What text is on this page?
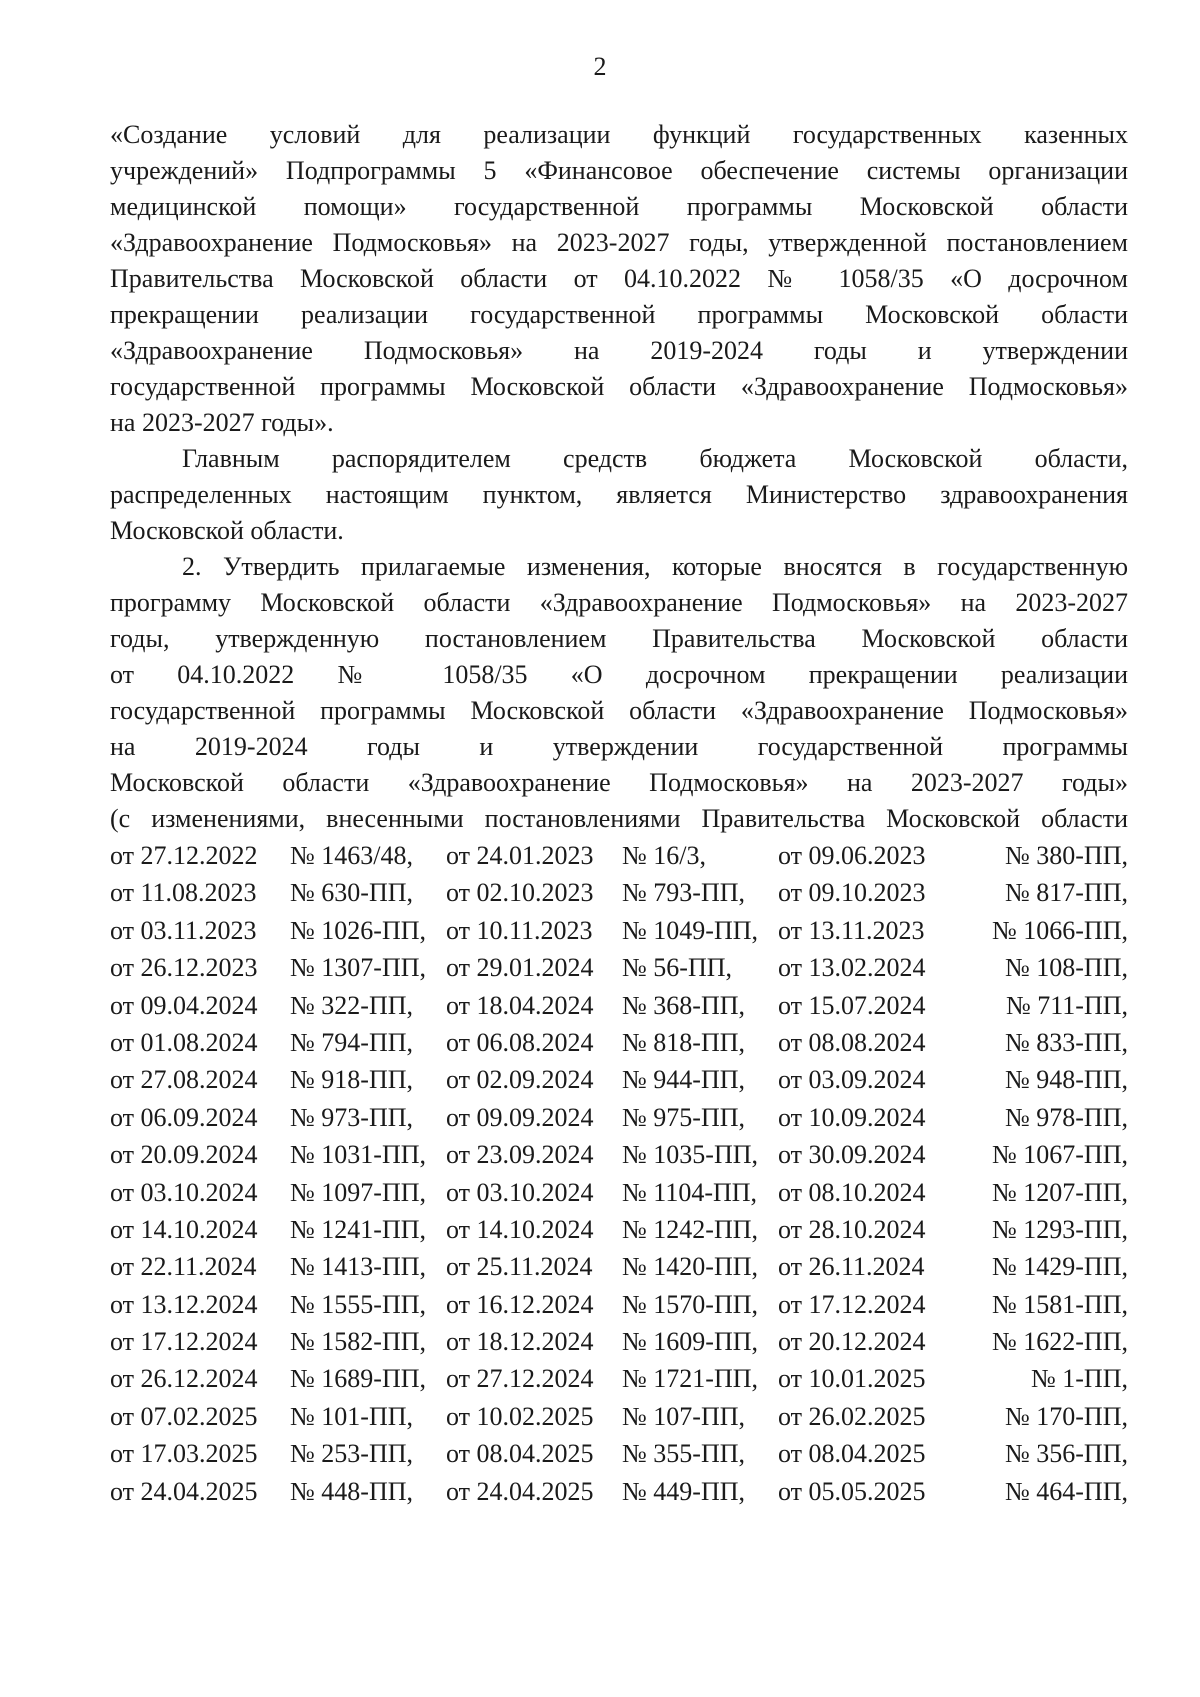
2
«Создание условий для реализации функций государственных казенных
учреждений» Подпрограммы 5 «Финансовое обеспечение системы организации
медицинской помощи» государственной программы Московской области
«Здравоохранение Подмосковья» на 2023-2027 годы, утвержденной постановлением
Правительства Московской области от 04.10.2022 № 1058/35 «О досрочном
прекращении реализации государственной программы Московской области
«Здравоохранение Подмосковья» на 2019-2024 годы и утверждении
государственной программы Московской области «Здравоохранение Подмосковья»
на 2023-2027 годы».
Главным распорядителем средств бюджета Московской области,
распределенных настоящим пунктом, является Министерство здравоохранения
Московской области.
2. Утвердить прилагаемые изменения, которые вносятся в государственную
программу Московской области «Здравоохранение Подмосковья» на 2023-2027
годы, утвержденную постановлением Правительства Московской области
от 04.10.2022 № 1058/35 «О досрочном прекращении реализации
государственной программы Московской области «Здравоохранение Подмосковья»
на 2019-2024 годы и утверждении государственной программы
Московской области «Здравоохранение Подмосковья» на 2023-2027 годы»
(с изменениями, внесенными постановлениями Правительства Московской области
от 27.12.2022	№ 1463/48,	от 24.01.2023	№ 16/3,	от 09.06.2023	№ 380-ПП,
от 11.08.2023	№ 630-ПП,	от 02.10.2023	№ 793-ПП,	от 09.10.2023	№ 817-ПП,
от 03.11.2023	№ 1026-ПП, от 10.11.2023	№ 1049-ПП, от 13.11.2023	№ 1066-ПП,
от 26.12.2023	№ 1307-ПП, от 29.01.2024	№ 56-ПП,	от 13.02.2024	№ 108-ПП,
от 09.04.2024	№ 322-ПП,	от 18.04.2024	№ 368-ПП,	от 15.07.2024	№ 711-ПП,
от 01.08.2024	№ 794-ПП,	от 06.08.2024	№ 818-ПП,	от 08.08.2024	№ 833-ПП,
от 27.08.2024	№ 918-ПП,	от 02.09.2024	№ 944-ПП,	от 03.09.2024	№ 948-ПП,
от 06.09.2024	№ 973-ПП,	от 09.09.2024	№ 975-ПП,	от 10.09.2024	№ 978-ПП,
от 20.09.2024	№ 1031-ПП, от 23.09.2024	№ 1035-ПП, от 30.09.2024	№ 1067-ПП,
от 03.10.2024	№ 1097-ПП, от 03.10.2024	№ 1104-ПП, от 08.10.2024	№ 1207-ПП,
от 14.10.2024	№ 1241-ПП, от 14.10.2024	№ 1242-ПП, от 28.10.2024	№ 1293-ПП,
от 22.11.2024	№ 1413-ПП, от 25.11.2024	№ 1420-ПП, от 26.11.2024	№ 1429-ПП,
от 13.12.2024	№ 1555-ПП, от 16.12.2024	№ 1570-ПП, от 17.12.2024	№ 1581-ПП,
от 17.12.2024	№ 1582-ПП, от 18.12.2024	№ 1609-ПП, от 20.12.2024	№ 1622-ПП,
от 26.12.2024	№ 1689-ПП, от 27.12.2024	№ 1721-ПП, от 10.01.2025	№ 1-ПП,
от 07.02.2025	№ 101-ПП,	от 10.02.2025	№ 107-ПП,	от 26.02.2025	№ 170-ПП,
от 17.03.2025	№ 253-ПП,	от 08.04.2025	№ 355-ПП,	от 08.04.2025	№ 356-ПП,
от 24.04.2025	№ 448-ПП,	от 24.04.2025	№ 449-ПП,	от 05.05.2025	№ 464-ПП,
